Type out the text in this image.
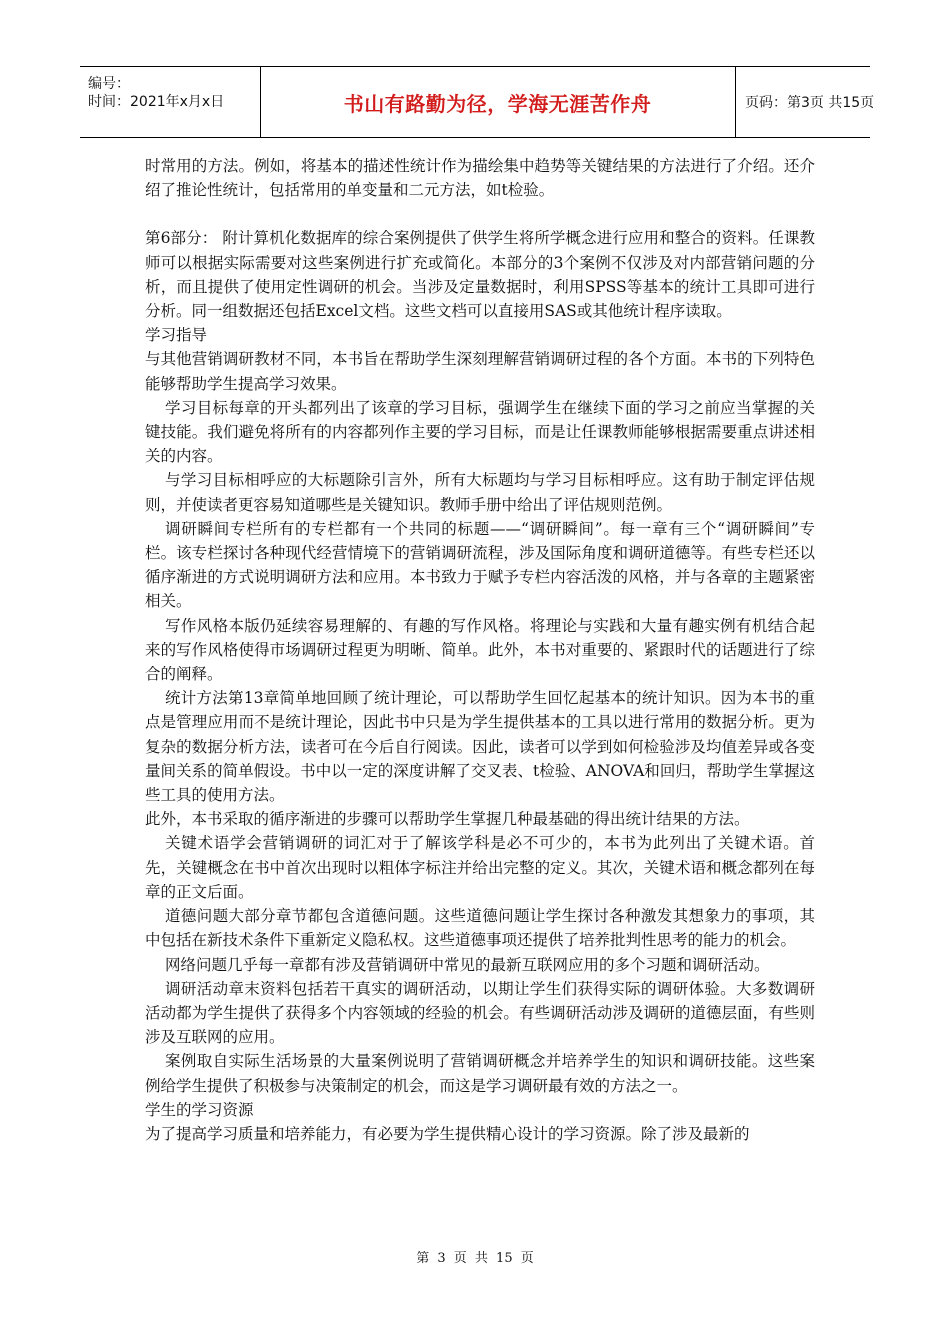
编号：
时间：2021年x月x日	书山有路勤为径，学海无涯苦作舟	页码：第3页 共15页

时常用的方法。例如，将基本的描述性统计作为描绘集中趋势等关键结果的方法进行了介绍。还介绍了推论性统计，包括常用的单变量和二元方法，如t检验。

第6部分： 附计算机化数据库的综合案例提供了供学生将所学概念进行应用和整合的资料。任课教师可以根据实际需要对这些案例进行扩充或简化。本部分的3个案例不仅涉及对内部营销问题的分析，而且提供了使用定性调研的机会。当涉及定量数据时，利用SPSS等基本的统计工具即可进行分析。同一组数据还包括Excel文档。这些文档可以直接用SAS或其他统计程序读取。

学习指导

与其他营销调研教材不同，本书旨在帮助学生深刻理解营销调研过程的各个方面。本书的下列特色能够帮助学生提高学习效果。

学习目标每章的开头都列出了该章的学习目标，强调学生在继续下面的学习之前应当掌握的关键技能。我们避免将所有的内容都列作主要的学习目标，而是让任课教师能够根据需要重点讲述相关的内容。

与学习目标相呼应的大标题除引言外，所有大标题均与学习目标相呼应。这有助于制定评估规则，并使读者更容易知道哪些是关键知识。教师手册中给出了评估规则范例。

调研瞬间专栏所有的专栏都有一个共同的标题——“调研瞬间”。每一章有三个“调研瞬间”专栏。该专栏探讨各种现代经营情境下的营销调研流程，涉及国际角度和调研道德等。有些专栏还以循序渐进的方式说明调研方法和应用。本书致力于赋予专栏内容活泼的风格，并与各章的主题紧密相关。

写作风格本版仍延续容易理解的、有趣的写作风格。将理论与实践和大量有趣实例有机结合起来的写作风格使得市场调研过程更为明晰、简单。此外，本书对重要的、紧跟时代的话题进行了综合的阐释。

统计方法第13章简单地回顾了统计理论，可以帮助学生回忆起基本的统计知识。因为本书的重点是管理应用而不是统计理论，因此书中只是为学生提供基本的工具以进行常用的数据分析。更为复杂的数据分析方法，读者可在今后自行阅读。因此，读者可以学到如何检验涉及均值差异或各变量间关系的简单假设。书中以一定的深度讲解了交叉表、t检验、ANOVA和回归，帮助学生掌握这些工具的使用方法。

此外，本书采取的循序渐进的步骤可以帮助学生掌握几种最基础的得出统计结果的方法。

关键术语学会营销调研的词汇对于了解该学科是必不可少的，本书为此列出了关键术语。首先，关键概念在书中首次出现时以粗体字标注并给出完整的定义。其次，关键术语和概念都列在每章的正文后面。

道德问题大部分章节都包含道德问题。这些道德问题让学生探讨各种激发其想象力的事项，其中包括在新技术条件下重新定义隐私权。这些道德事项还提供了培养批判性思考的能力的机会。

网络问题几乎每一章都有涉及营销调研中常见的最新互联网应用的多个习题和调研活动。

调研活动章末资料包括若干真实的调研活动，以期让学生们获得实际的调研体验。大多数调研活动都为学生提供了获得多个内容领域的经验的机会。有些调研活动涉及调研的道德层面，有些则涉及互联网的应用。

案例取自实际生活场景的大量案例说明了营销调研概念并培养学生的知识和调研技能。这些案例给学生提供了积极参与决策制定的机会，而这是学习调研最有效的方法之一。

学生的学习资源

为了提高学习质量和培养能力，有必要为学生提供精心设计的学习资源。除了涉及最新的

第 3 页 共 15 页
